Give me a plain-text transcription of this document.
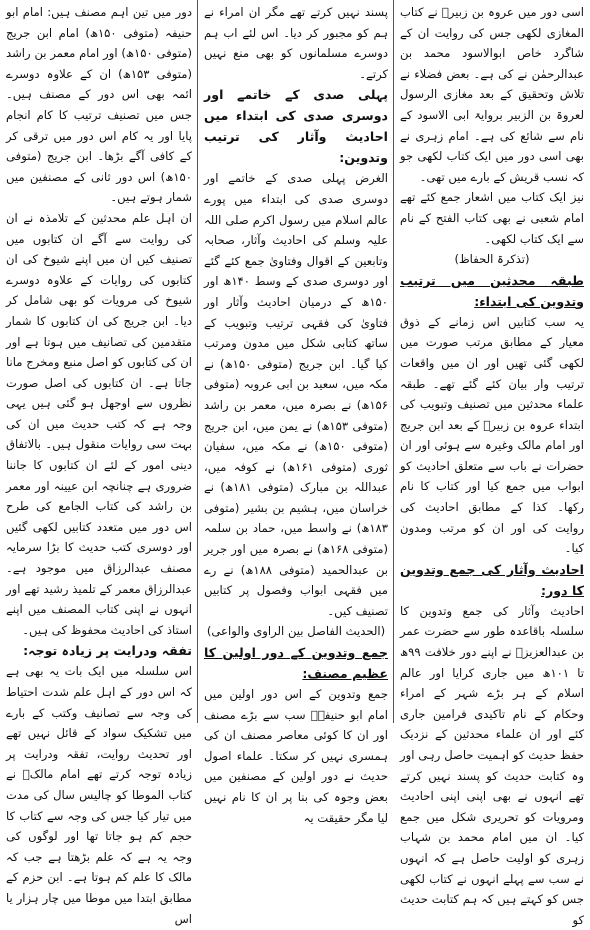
اسی دور میں عروہ بن زبیرؒ نے کتاب المغازی لکھی جس کی روایت ان کے شاگرد خاص ابوالاسود محمد بن عبدالرحمٰن نے کی ہے۔ بعض فضلاء نے تلاش وتحقیق کے بعد مغازی الرسول لعروۃ بن الزبیر بروایۃ ابی الاسود کے نام سے شائع کی ہے۔ امام زہری نے بھی اسی دور میں ایک کتاب لکھی جو کہ نسب قریش کے بارے میں تھی۔

نیز ایک کتاب میں اشعار جمع کئے تھے امام شعبی نے بھی کتاب الفتح کے نام سے ایک کتاب لکھی۔

(تذکرۃ الحفاظ)

طبقہ محدثین میں ترتیب وتدوین کی ابتداء:

یہ سب کتابیں اس زمانے کے ذوق معیار کے مطابق مرتب صورت میں لکھی گئی تھیں اور ان میں واقعات ترتیب وار بیان کئے گئے تھے۔ طبقہ علماء محدثین میں تصنیف وتبویب کی ابتداء عروہ بن زبیرؒ کے بعد ابن جریج اور امام مالک وغیرہ سے ہوئی اور ان حضرات نے باب سے متعلق احادیث کو ابواب میں جمع کیا اور کتاب کا نام رکھا۔ کذا کے مطابق احادیث کی روایت کی اور ان کو مرتب ومدون کیا۔

احادیث وآثار کی جمع وتدوین کا دور:

احادیث وآثار کی جمع وتدوین کا سلسلہ باقاعدہ طور سے حضرت عمر بن عبدالعزیزؒ نے اپنے دور خلافت ۹۹ھ تا ۱۰۱ھ میں جاری کرایا اور عالم اسلام کے ہر بڑے شہر کے امراء وحکام کے نام تاکیدی فرامین جاری کئے اور ان علماء محدثین کے نزدیک حفظ حدیث کو اہمیت حاصل رہی اور وہ کتابت حدیث کو پسند نہیں کرتے تھے انہوں نے بھی اپنی اپنی احادیث ومرویات کو تحریری شکل میں جمع کیا۔ ان میں امام محمد بن شہاب زہری کو اولیت حاصل ہے کہ انہوں نے سب سے پہلے انہوں نے کتاب لکھی جس کو کہتے ہیں کہ ہم کتابت حدیث کو

پسند نہیں کرتے تھے مگر ان امراء نے ہم کو مجبور کر دیا۔ اس لئے اب ہم دوسرے مسلمانوں کو بھی منع نہیں کرتے۔

پہلی صدی کے خاتمے اور دوسری صدی کی ابتداء میں احادیث وآثار کی ترتیب وتدوین:

الغرض پہلی صدی کے خاتمے اور دوسری صدی کی ابتداء میں پورے عالم اسلام میں رسول اکرم صلی اللہ علیہ وسلم کی احادیث وآثار، صحابہ وتابعین کے اقوال وفتاویٰ جمع کئے گئے اور دوسری صدی کے وسط ۱۴۰ھ اور ۱۵۰ھ کے درمیان احادیث وآثار اور فتاویٰ کی فقہی ترتیب وتبویب کے ساتھ کتابی شکل میں مدون ومرتب کیا گیا۔ ابن جریج (متوفی ۱۵۰ھ) نے مکہ میں، سعید بن ابی عروبہ (متوفی ۱۵۶ھ) نے بصرہ میں، معمر بن راشد (متوفی ۱۵۳ھ) نے یمن میں، ابن جریج (متوفی ۱۵۰ھ) نے مکہ میں، سفیان ثوری (متوفی ۱۶۱ھ) نے کوفہ میں، عبداللہ بن مبارک (متوفی ۱۸۱ھ) نے خراسان میں، ہشیم بن بشیر (متوفی ۱۸۳ھ) نے واسط میں، حماد بن سلمہ (متوفی ۱۶۸ھ) نے بصرہ میں اور جریر بن عبدالحمید (متوفی ۱۸۸ھ) نے رے میں فقہی ابواب وفصول پر کتابیں تصنیف کیں۔

(الحدیث الفاصل بین الراوی والواعی)

جمع وتدوین کے دور اولین کا عظیم مصنف:

جمع وتدوین کے اس دور اولین میں امام ابو حنیفہؒ سب سے بڑے مصنف اور ان کا کوئی معاصر مصنف ان کی ہمسری نہیں کر سکتا۔ علماء اصول حدیث نے دور اولین کے مصنفین میں بعض وجوہ کی بنا پر ان کا نام نہیں لیا مگر حقیقت یہ

دور میں تین اہم مصنف ہیں: امام ابو حنیفہ (متوفی ۱۵۰ھ) امام ابن جریج (متوفی ۱۵۰ھ) اور امام معمر بن راشد (متوفی ۱۵۳ھ) ان کے علاوہ دوسرے ائمہ بھی اس دور کے مصنف ہیں۔ جس میں تصنیف ترتیب کا کام انجام پایا اور یہ کام اس دور میں ترقی کر کے کافی آگے بڑھا۔ ابن جریج (متوفی ۱۵۰ھ) اس دور ثانی کے مصنفین میں شمار ہوتے ہیں۔

ان اہل علم محدثین کے تلامذہ نے ان کی روایت سے آگے ان کتابوں میں تصنیف کیں ان میں اپنے شیوخ کی ان کتابوں کی روایات کے علاوہ دوسرے شیوخ کی مرویات کو بھی شامل کر دیا۔ ابن جریج کی ان کتابوں کا شمار متقدمین کی تصانیف میں ہوتا ہے اور ان کی کتابوں کو اصل منبع ومخرج مانا جاتا ہے۔ ان کتابوں کی اصل صورت نظروں سے اوجھل ہو گئی ہیں یہی وجہ ہے کہ کتب حدیث میں ان کی بہت سی روایات منقول ہیں۔ بالاتفاق دینی امور کے لئے ان کتابوں کا جاننا ضروری ہے چنانچہ ابن عیینہ اور معمر بن راشد کی کتاب الجامع کی طرح اس دور میں متعدد کتابیں لکھی گئیں اور دوسری کتب حدیث کا بڑا سرمایہ مصنف عبدالرزاق میں موجود ہے۔ عبدالرزاق معمر کے تلمیذ رشید تھے اور انہوں نے اپنی کتاب المصنف میں اپنے استاذ کی احادیث محفوظ کی ہیں۔

تفقہ ودرایت پر زیادہ توجہ:

اس سلسلہ میں ایک بات یہ بھی ہے کہ اس دور کے اہل علم شدت احتیاط کی وجہ سے تصانیف وکتب کے بارے میں تشکیک سواد کے قائل نہیں تھے اور تحدیث روایت، تفقہ ودرایت پر زیادہ توجہ کرتے تھے امام مالکؒ نے کتاب الموطا کو چالیس سال کی مدت میں تیار کیا جس کی وجہ سے کتاب کا حجم کم ہو جاتا تھا اور لوگوں کی وجہ یہ ہے کہ علم بڑھتا ہے جب کہ مالک کا علم کم ہوتا ہے۔ ابن حزم کے مطابق ابتدا میں موطا میں چار ہزار یا اس
